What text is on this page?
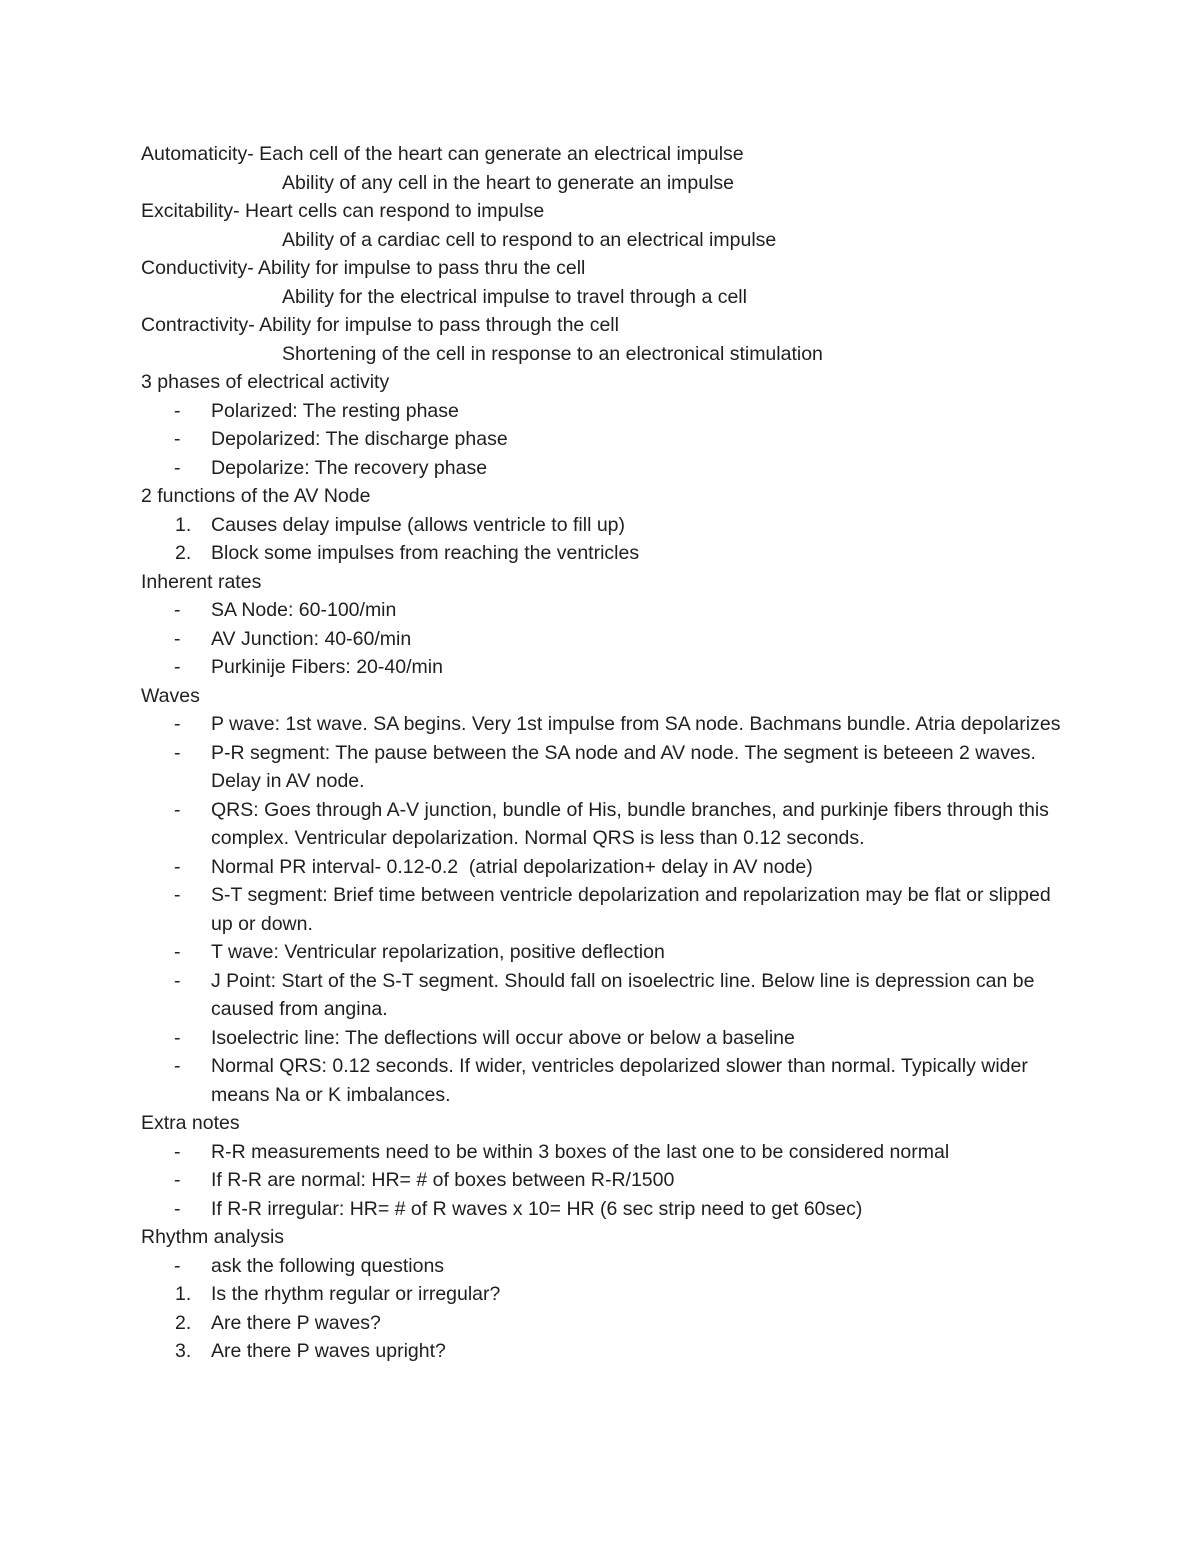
Automaticity- Each cell of the heart can generate an electrical impulse

Ability of any cell in the heart to generate an impulse

Excitability- Heart cells can respond to impulse

Ability of a cardiac cell to respond to an electrical impulse

Conductivity- Ability for impulse to pass thru the cell

Ability for the electrical impulse to travel through a cell

Contractivity- Ability for impulse to pass through the cell

Shortening of the cell in response to an electronical stimulation

3 phases of electrical activity

-	Polarized: The resting phase
-	Depolarized: The discharge phase
-	Depolarize: The recovery phase

2 functions of the AV Node

1.	Causes delay impulse (allows ventricle to fill up)
2.	Block some impulses from reaching the ventricles

Inherent rates

-	SA Node: 60-100/min
-	AV Junction: 40-60/min
-	Purkinije Fibers: 20-40/min

Waves

-	P wave: 1st wave. SA begins. Very 1st impulse from SA node. Bachmans bundle. Atria depolarizes
-	P-R segment: The pause between the SA node and AV node. The segment is beteeen 2 waves. Delay in AV node.
-	QRS: Goes through A-V junction, bundle of His, bundle branches, and purkinje fibers through this complex. Ventricular depolarization. Normal QRS is less than 0.12 seconds.
-	Normal PR interval- 0.12-0.2  (atrial depolarization+ delay in AV node)
-	S-T segment: Brief time between ventricle depolarization and repolarization may be flat or slipped up or down.
-	T wave: Ventricular repolarization, positive deflection
-	J Point: Start of the S-T segment. Should fall on isoelectric line. Below line is depression can be caused from angina.
-	Isoelectric line: The deflections will occur above or below a baseline
-	Normal QRS: 0.12 seconds. If wider, ventricles depolarized slower than normal. Typically wider means Na or K imbalances.

Extra notes

-	R-R measurements need to be within 3 boxes of the last one to be considered normal
-	If R-R are normal: HR= # of boxes between R-R/1500
-	If R-R irregular: HR= # of R waves x 10= HR (6 sec strip need to get 60sec)

Rhythm analysis

-	ask the following questions
1.	Is the rhythm regular or irregular?
2.	Are there P waves?
3.	Are there P waves upright?
